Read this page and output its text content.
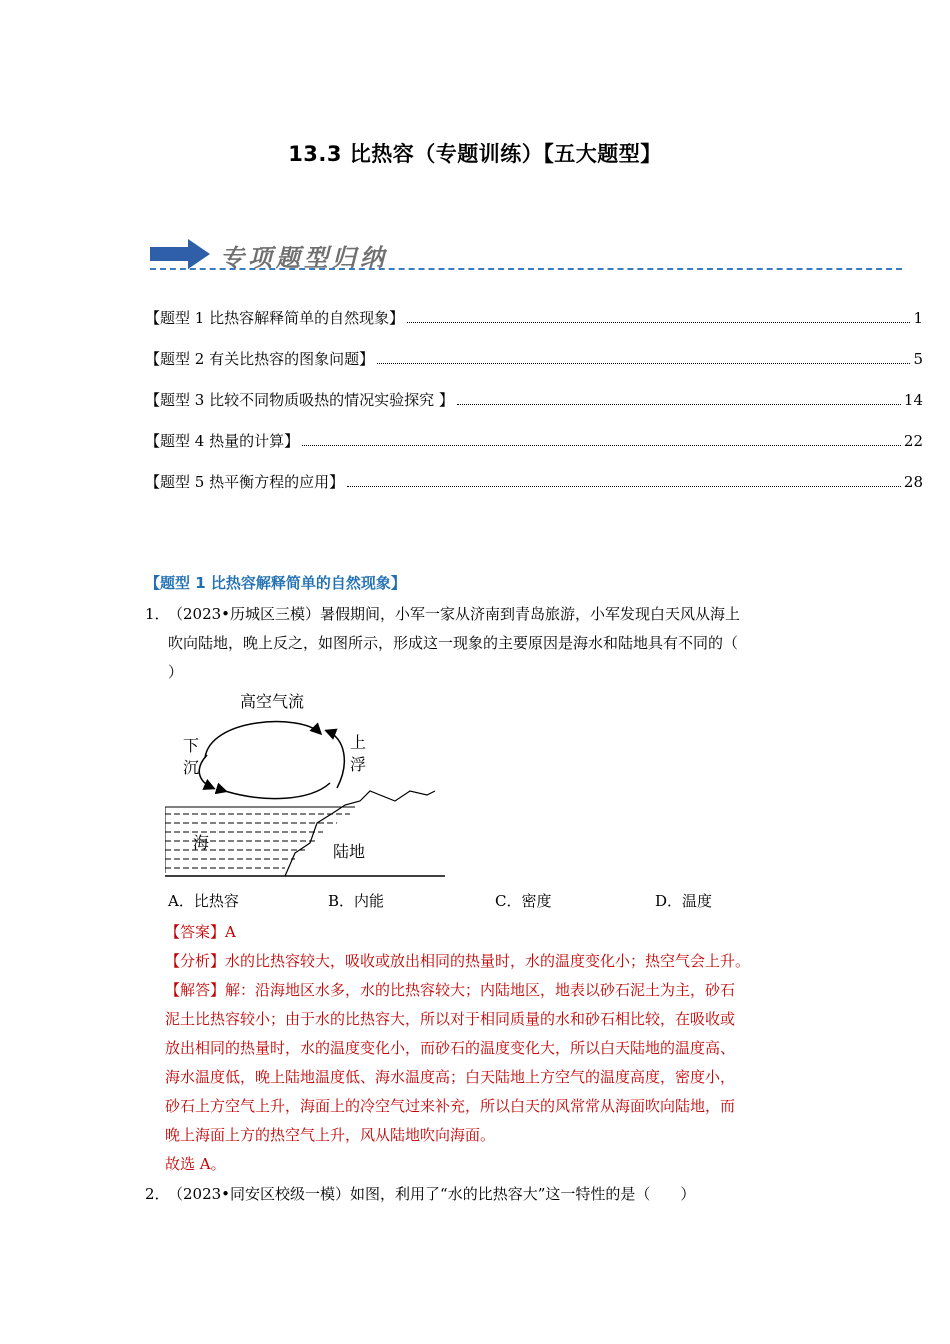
13.3 比热容（专题训练）【五大题型】
专项题型归纳
【题型 1 比热容解释简单的自然现象】	1
【题型 2 有关比热容的图象问题】	5
【题型 3 比较不同物质吸热的情况实验探究 】	14
【题型 4 热量的计算】	22
【题型 5 热平衡方程的应用】	28
【题型 1 比热容解释简单的自然现象】
1．
（2023•历城区三模）暑假期间，小军一家从济南到青岛旅游，小军发现白天风从海上
吹向陆地，晚上反之，如图所示，形成这一现象的主要原因是海水和陆地具有不同的（
）
高空气流
下
沉
上
浮
海	陆地
A．比热容	B．内能	C．密度	D．温度
【答案】A
【分析】水的比热容较大，吸收或放出相同的热量时，水的温度变化小；热空气会上升。
【解答】解：沿海地区水多，水的比热容较大；内陆地区，地表以砂石泥土为主，砂石
泥土比热容较小；由于水的比热容大，所以对于相同质量的水和砂石相比较，在吸收或
放出相同的热量时，水的温度变化小，而砂石的温度变化大，所以白天陆地的温度高、
海水温度低，晚上陆地温度低、海水温度高；白天陆地上方空气的温度高度，密度小，
砂石上方空气上升，海面上的冷空气过来补充，所以白天的风常常从海面吹向陆地，而
晚上海面上方的热空气上升，风从陆地吹向海面。
故选 A。
2．
（2023•同安区校级一模）如图，利用了“水的比热容大”这一特性的是（　　）
